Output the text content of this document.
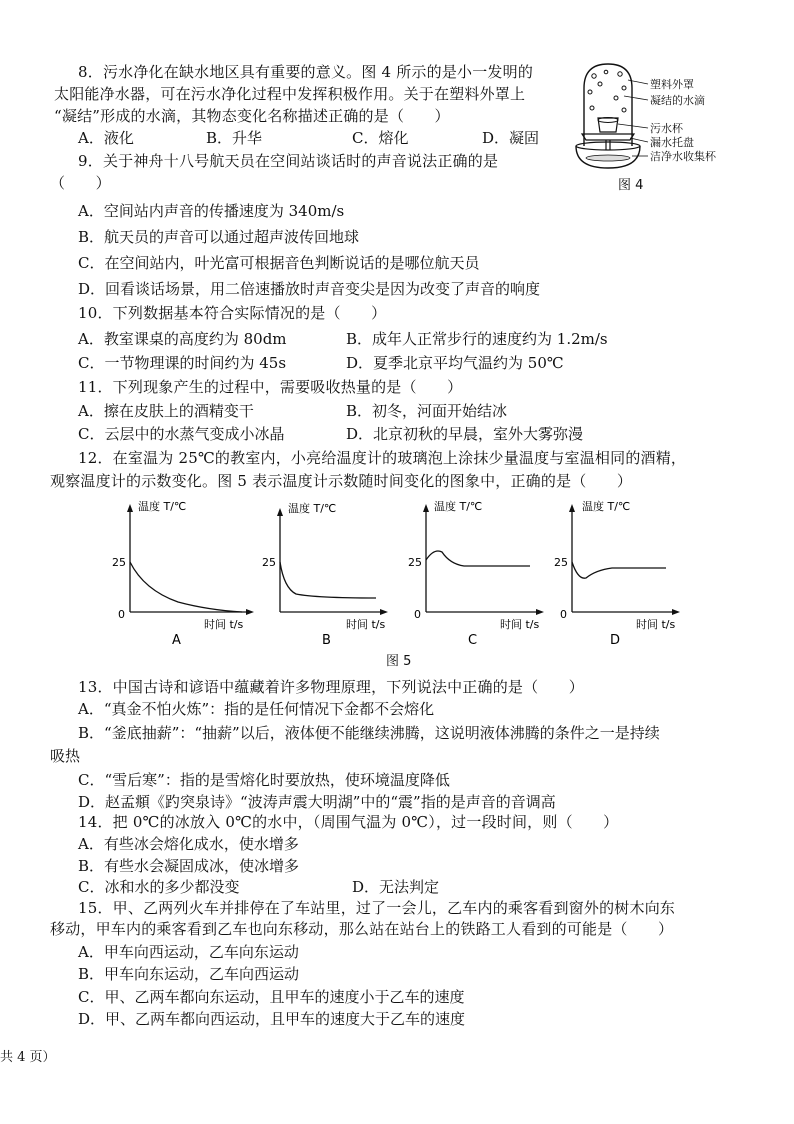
8．污水净化在缺水地区具有重要的意义。图 4 所示的是小一发明的
太阳能净水器，可在污水净化过程中发挥积极作用。关于在塑料外罩上
“凝结”形成的水滴，其物态变化名称描述正确的是（　　）
A．液化	B．升华	C．熔化	D．凝固
塑料外罩
凝结的水滴
污水杯
漏水托盘
洁净水收集杯
图 4
9．关于神舟十八号航天员在空间站谈话时的声音说法正确的是
（　　）
A．空间站内声音的传播速度为 340m/s
B．航天员的声音可以通过超声波传回地球
C．在空间站内，叶光富可根据音色判断说话的是哪位航天员
D．回看谈话场景，用二倍速播放时声音变尖是因为改变了声音的响度
10．下列数据基本符合实际情况的是（　　）
A．教室课桌的高度约为 80dm	B．成年人正常步行的速度约为 1.2m/s
C．一节物理课的时间约为 45s	D．夏季北京平均气温约为 50℃
11．下列现象产生的过程中，需要吸收热量的是（　　）
A．擦在皮肤上的酒精变干	B．初冬，河面开始结冰
C．云层中的水蒸气变成小冰晶	D．北京初秋的早晨，室外大雾弥漫
12．在室温为 25℃的教室内，小亮给温度计的玻璃泡上涂抹少量温度与室温相同的酒精，
观察温度计的示数变化。图 5 表示温度计示数随时间变化的图象中，正确的是（　　）
温度 T/℃
25
0
时间 t/s
A
温度 T/℃
25
时间 t/s
B
温度 T/℃
25
0
时间 t/s
C
温度 T/℃
25
0
时间 t/s
D
图 5
13．中国古诗和谚语中蕴藏着许多物理原理，下列说法中正确的是（　　）
A．“真金不怕火炼”：指的是任何情况下金都不会熔化
B．“釜底抽薪”：“抽薪”以后，液体便不能继续沸腾，这说明液体沸腾的条件之一是持续
吸热
C．“雪后寒”：指的是雪熔化时要放热，使环境温度降低
D．赵孟頫《趵突泉诗》“波涛声震大明湖”中的“震”指的是声音的音调高
14．把 0℃的冰放入 0℃的水中，（周围气温为 0℃），过一段时间，则（　　）
A．有些冰会熔化成水，使水增多
B．有些水会凝固成冰，使冰增多
C．冰和水的多少都没变	D．无法判定
15．甲、乙两列火车并排停在了车站里，过了一会儿，乙车内的乘客看到窗外的树木向东
移动，甲车内的乘客看到乙车也向东移动，那么站在站台上的铁路工人看到的可能是（　　）
A．甲车向西运动，乙车向东运动
B．甲车向东运动，乙车向西运动
C．甲、乙两车都向东运动，且甲车的速度小于乙车的速度
D．甲、乙两车都向西运动，且甲车的速度大于乙车的速度
共 4 页）
